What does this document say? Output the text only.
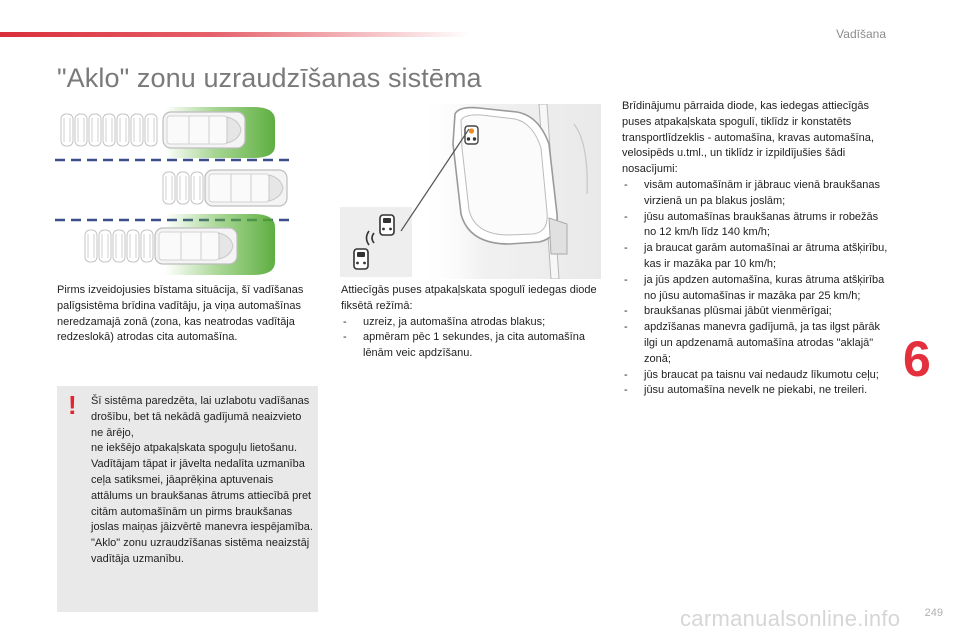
Vadīšana
"Aklo" zonu uzraudzīšanas sistēma

Pirms izveidojusies bīstama situācija, šī vadīšanas palīgsistēma brīdina vadītāju, ja viņa automašīnas neredzamajā zonā (zona, kas neatrodas vadītāja redzeslokā) atrodas cita automašīna.

! Šī sistēma paredzēta, lai uzlabotu vadīšanas drošību, bet tā nekādā gadījumā neaizvieto ne ārējo,

ne iekšējo atpakaļskata spoguļu lietošanu. Vadītājam tāpat ir jāvelta nedalīta uzmanība ceļa satiksmei, jāaprēķina aptuvenais attālums un braukšanas ātrums attiecībā pret citām automašīnām un pirms braukšanas joslas maiņas jāizvērtē manevra iespējamība.

"Aklo" zonu uzraudzīšanas sistēma neaizstāj vadītāja uzmanību.

Attiecīgās puses atpakaļskata spogulī iedegas diode fiksētā režīmā:

- uzreiz, ja automašīna atrodas blakus;
- apmēram pēc 1 sekundes, ja cita automašīna lēnām veic apdzīšanu.

Brīdinājumu pārraida diode, kas iedegas attiecīgās puses atpakaļskata spogulī, tiklīdz ir konstatēts transportlīdzeklis - automašīna, kravas automašīna, velosipēds u.tml., un tiklīdz ir izpildījušies šādi nosacījumi:

- visām automašīnām ir jābrauc vienā braukšanas virzienā un pa blakus joslām;
- jūsu automašīnas braukšanas ātrums ir robežās no 12 km/h līdz 140 km/h;
- ja braucat garām automašīnai ar ātruma atšķirību, kas ir mazāka par 10 km/h;
- ja jūs apdzen automašīna, kuras ātruma atšķirība no jūsu automašīnas ir mazāka par 25 km/h;
- braukšanas plūsmai jābūt vienmērīgai;
- apdzīšanas manevra gadījumā, ja tas ilgst pārāk ilgi un apdzenamā automašīna atrodas "aklajā" zonā;
- jūs braucat pa taisnu vai nedaudz līkumotu ceļu;
- jūsu automašīna nevelk ne piekabi, ne treileri.
6
carmanualsonline.info 249
